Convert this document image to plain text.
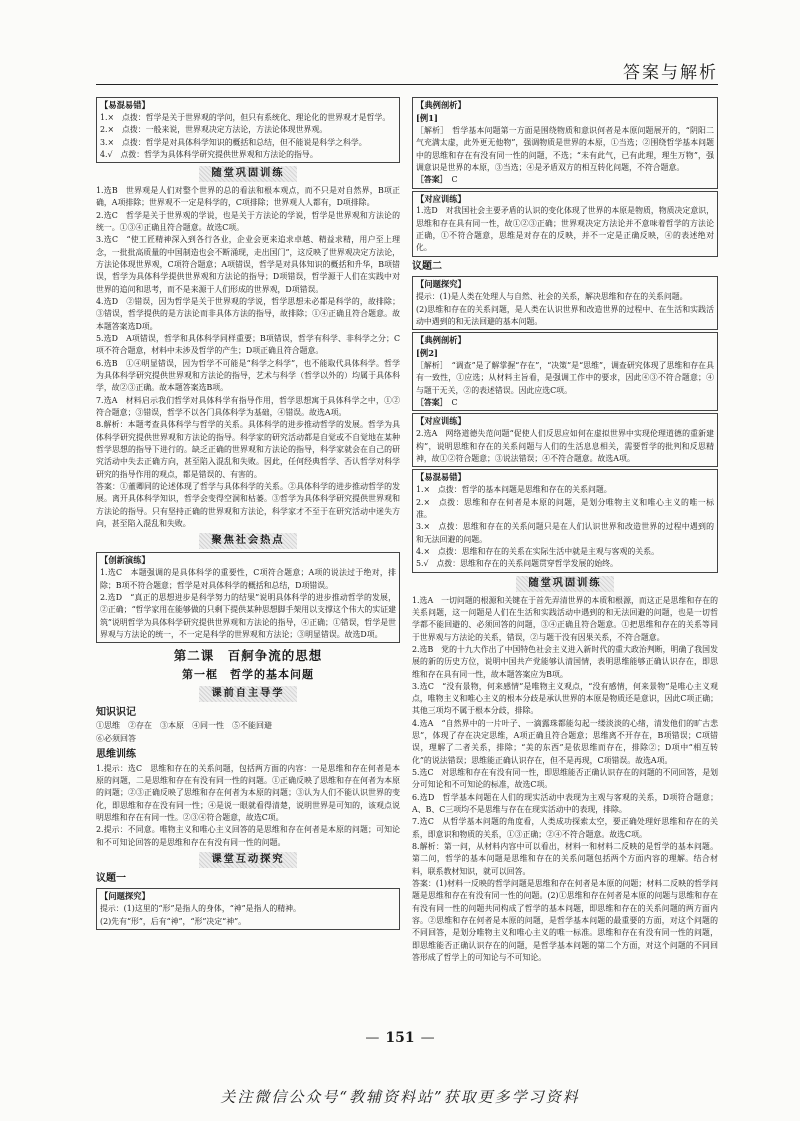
答案与解析
【易混易错】

1.×　点拨：哲学是关于世界观的学问，但只有系统化、理论化的世界观才是哲学。

2.×　点拨：一般来说，世界观决定方法论，方法论体现世界观。

3.×　点拨：哲学是对具体科学知识的概括和总结，但不能说是科学之科学。

4.√　点拨：哲学为具体科学研究提供世界观和方法论的指导。

随堂巩固训练

1.选B　世界观是人们对整个世界的总的看法和根本观点，而不只是对自然界，B项正确，A项排除；世界观不一定是科学的，C项排除；世界观人人都有，D项排除。

2.选C　哲学是关于世界观的学说，也是关于方法论的学说，哲学是世界观和方法论的统一。①③④正确且符合题意。故选C项。

3.选C　“使工匠精神深入到各行各业，企业会更来追求卓越、精益求精，用户至上理念，一批批高质量的中国制造也会不断涌现，走出国门”，这反映了世界观决定方法论，方法论体现世界观，C项符合题意；A项错误，哲学是对具体知识的概括和升华，B项错误，哲学为具体科学提供世界观和方法论的指导；D项错误，哲学源于人们在实践中对世界的追问和思考，而不是来源于人们形成的世界观，D项错误。

4.选D　②错误，因为哲学是关于世界观的学说，哲学思想未必都是科学的，故排除；③错误，哲学提供的是方法论而非具体方法的指导，故排除；①④正确且符合题意。故本题答案选D项。

5.选D　A项错误，哲学和具体科学同样重要；B项错误，哲学有科学、非科学之分；C项不符合题意，材料中未涉及哲学的产生；D项正确且符合题意。

6.选B　①④明显错误，因为哲学不可能是“科学之科学”，也不能取代具体科学。哲学为具体科学研究提供世界观和方法论的指导，艺术与科学（哲学以外的）均属于具体科学，故②③正确。故本题答案选B项。

7.选A　材料启示我们哲学对具体科学有指导作用，哲学思想寓于具体科学之中，①②符合题意；③错误，哲学不以各门具体科学为基础，④错误。故选A项。

8.解析：本题考查具体科学与哲学的关系。具体科学的进步推动哲学的发展。哲学为具体科学研究提供世界观和方法论的指导。科学家的研究活动都是自觉或不自觉地在某种哲学思想的指导下进行的。缺乏正确的世界观和方法论的指导，科学家就会在自己的研究活动中失去正确方向，甚至陷入混乱和失败。因此，任何经典哲学、否认哲学对科学研究的指导作用的观点，都是错误的、有害的。

答案：①董卿同的论述体现了哲学与具体科学的关系。②具体科学的进步推动哲学的发展。离开具体科学知识，哲学会变得空洞和枯萎。③哲学为具体科学研究提供世界观和方法论的指导。只有坚持正确的世界观和方法论，科学家才不至于在研究活动中迷失方向，甚至陷入混乱和失败。

聚焦社会热点
【创新演练】

1.选C　本题强调的是具体科学的重要性，C项符合题意；A项的说法过于绝对，排除；B项不符合题意；哲学是对具体科学的概括和总结，D项错误。

2.选D　“真正的思想进步是科学努力的结果”说明具体科学的进步推动哲学的发展，②正确；“哲学家用在能够做的只剩下提供某种思想脚手架用以支撑这个伟大的实证建筑”说明哲学为具体科学研究提供世界观和方法论的指导，④正确；①错误，哲学是世界观与方法论的统一，不一定是科学的世界观和方法论；③明显错误。故选D项。

第二课　百舸争流的思想
第一框　哲学的基本问题
课前自主导学
知识识记
①思维　 ②存在　 ③本原　 ④同一性　 ⑤不能回避
⑥必须回答
思维训练

1.提示：选C　思维和存在的关系问题，包括两方面的内容：一是思维和存在何者是本原的问题，二是思维和存在有没有同一性的问题。①正确反映了思维和存在何者为本原的问题；②③正确反映了思维和存在何者为本原的问题；③认为人们不能认识世界的变化，即思维和存在没有同一性；④是说一眼就看得清楚，说明世界是可知的，该观点说明思维和存在有同一性。②③④符合题意，故选C项。

2.提示：不同意。唯物主义和唯心主义回答的是思维和存在何者是本原的问题；可知论和不可知论回答的是思维和存在有没有同一性的问题。

课堂互动探究
议题一
【问题探究】

提示：(1)这里的“形”是指人的身体，“神”是指人的精神。

(2)先有“形”，后有“神”，“形”决定“神”。

【典例剖析】
[例1]

［解析］　哲学基本问题第一方面是围绕物质和意识何者是本原问题展开的，“阴阳二气充满太虚，此外更无他物”，强调物质是世界的本原，①当选；②围绕哲学基本问题中的思维和存在有没有同一性的问题，不选；“未有此气，已有此理，理生万物”，强调意识是世界的本原，③当选；④是矛盾双方的相互转化问题，不符合题意。

［答案］　 C

【对应训练】

1.选D　对我国社会主要矛盾的认识的变化体现了世界的本原是物质，物质决定意识，思维和存在具有同一性，故①②③正确；世界观决定方法论并不意味着哲学的方法论正确，①不符合题意，思维是对存在的反映，并不一定是正确反映，④的表述绝对化。

议题二
【问题探究】

提示：(1)是人类在处理人与自然、社会的关系，解决思维和存在的关系问题。

(2)思维和存在的关系问题，是人类在认识世界和改造世界的过程中、在生活和实践活动中遇到的和无法回避的基本问题。

【典例剖析】
[例2]

［解析］　“调查”是了解掌握“存在”，“决策”是“思维”，调查研究体现了思维和存在具有一致性，①应选；从材料主旨看，是强调工作中的要求，因此④③不符合题意；④与题干无关，②的表述错误。因此应选C项。

［答案］　 C

【对应训练】

2.选A　网络道德失范问题“促使人们反思应如何在虚拟世界中实现伦理道德的重新建构”，说明思维和存在的关系问题与人们的生活息息相关，需要哲学的批判和反思精神，故①②符合题意；③说法错误；④不符合题意。故选A项。

【易混易错】

1.×　点拨：哲学的基本问题是思维和存在的关系问题。

2.×　点拨：思维和存在何者是本原的问题，是划分唯物主义和唯心主义的唯一标准。

3.×　点拨：思维和存在的关系问题只是在人们认识世界和改造世界的过程中遇到的和无法回避的问题。

4.×　点拨：思维和存在的关系在实际生活中就是主观与客观的关系。

5.√　点拨：思维和存在的关系问题贯穿哲学发展的始终。

随堂巩固训练

1.选A　一切问题的根源和关键在于首先弄清世界的本质和根源，而这正是思维和存在的关系问题，这一问题是人们在生活和实践活动中遇到的和无法回避的问题，也是一切哲学都不能回避的、必须回答的问题，③④正确且符合题意。①把思维和存在的关系等同于世界观与方法论的关系，错误，②与题干没有因果关系，不符合题意。

2.选B　党的十九大作出了中国特色社会主义进入新时代的重大政治判断，明确了我国发展的新的历史方位，说明中国共产党能够认清国情，表明思维能够正确认识存在，即思维和存在具有同一性，故本题答案应为B项。

3.选C　“没有景物，何来感情”是唯物主义观点，“没有感情，何来景物”是唯心主义观点，唯物主义和唯心主义的根本分歧是承认世界的本原是物质还是意识，因此C项正确；其他三项均不属于根本分歧，排除。

4.选A　“自然界中的一片叶子、一滴露珠都能勾起一缕淡淡的心绪，清发他们的旷古悲思”，体现了存在决定思维，A项正确且符合题意；思维离不开存在，B项错误；C项错误，理解了二者关系，排除；“美的东西”是依思维而存在，排除②；D项中“相互转化”的说法错误；思维能正确认识存在，但不是再现，C项错误。故选A项。

5.选C　对思维和存在有没有同一性，即思维能否正确认识存在的问题的不同回答，是划分可知论和不可知论的标准，故选C项。

6.选D　哲学基本问题在人们的现实活动中表现为主观与客观的关系，D项符合题意；A、B、C三项均不是思维与存在在现实活动中的表现，排除。

7.选C　从哲学基本问题的角度看，人类成功探索太空，要正确处理好思维和存在的关系，即意识和物质的关系，①③正确；②④不符合题意。故选C项。

8.解析：第一问，从材料内容中可以看出，材料一和材料二反映的是哲学的基本问题。第二问，哲学的基本问题是思维和存在的关系问题包括两个方面内容的理解。结合材料，联系教材知识，就可以回答。

答案：(1)材料一反映的哲学问题是思维和存在何者是本原的问题；材料二反映的哲学问题是思维和存在有没有同一性的问题。(2)①思维和存在何者是本原的问题与思维和存在有没有同一性的问题共同构成了哲学的基本问题，即思维和存在的关系问题的两方面内容。②思维和存在何者是本原的问题，是哲学基本问题的最重要的方面，对这个问题的不同回答，是划分唯物主义和唯心主义的唯一标准。思维和存在有没有同一性的问题，即思维能否正确认识存在的问题，是哲学基本问题的第二个方面，对这个问题的不同回答形成了哲学上的可知论与不可知论。

— 151 —
关注微信公众号“教辅资料站”获取更多学习资料
